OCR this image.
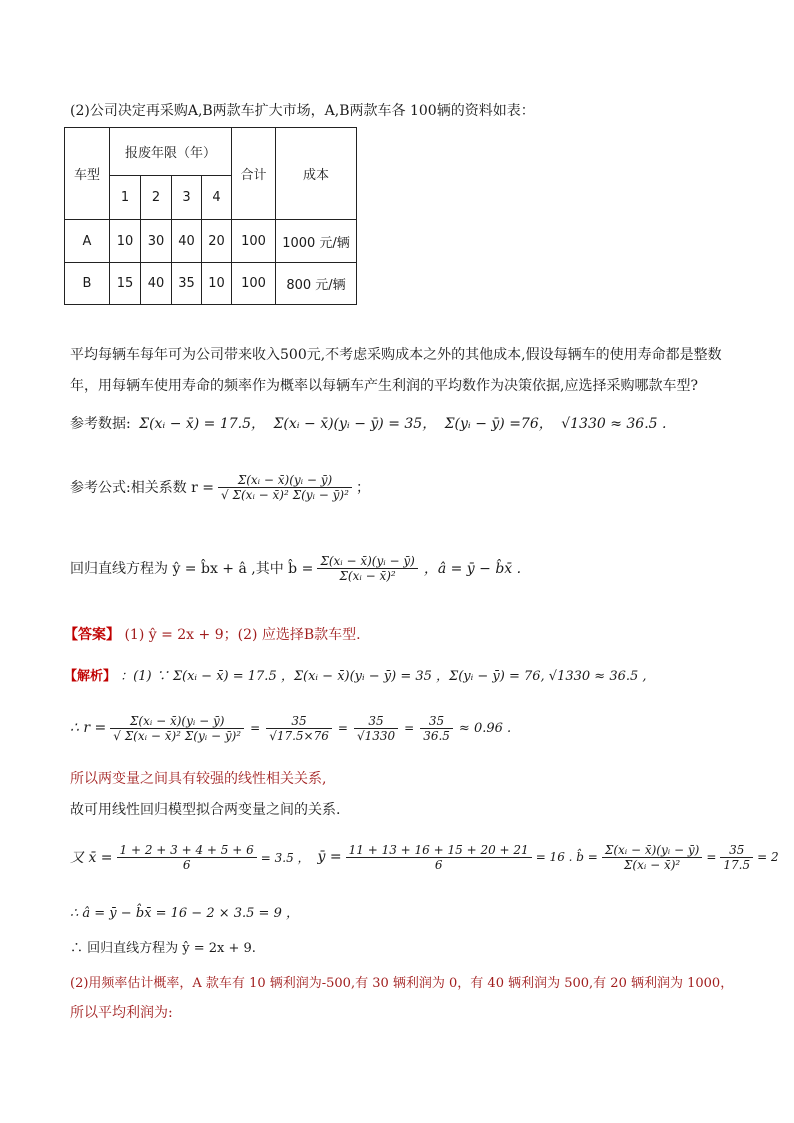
(2)公司决定再采购A,B两款车扩大市场，A,B两款车各 100辆的资料如表：
车型	报废年限（年）				合计	成本
	1	2	3	4		
A	10	30	40	20	100	1000 元/辆
B	15	40	35	10	100	800 元/辆
平均每辆车每年可为公司带来收入500元,不考虑采购成本之外的其他成本,假设每辆车的使用寿命都是整数
年，用每辆车使用寿命的频率作为概率以每辆车产生利润的平均数作为决策依据,应选择采购哪款车型?
参考数据: Σ(xᵢ − x̄) = 17.5， Σ(xᵢ − x̄)(yᵢ − ȳ) = 35， Σ(yᵢ − ȳ) =76， √1330 ≈ 36.5 .
参考公式:相关系数 $r = \frac{\text{Σ(xᵢ − x̄)(yᵢ − ȳ)}}{\text{√ Σ(xᵢ − x̄)² Σ(yᵢ − ȳ)²}}$ ；
回归直线方程为 ŷ = b̂x + â ,其中 b̂ = $\frac{\text{Σ(xᵢ − x̄)(yᵢ − ȳ)}}{\text{Σ(xᵢ − x̄)²}}$ ，â = ȳ − b̂x̄ .
【答案】 (1) ŷ = 2x + 9；(2) 应选择B款车型.
【解析】 ：(1) ∵ Σ(xᵢ − x̄) = 17.5 ，Σ(xᵢ − x̄)(yᵢ − ȳ) = 35 ，Σ(yᵢ − ȳ) = 76, √1330 ≈ 36.5 ,
∴ $r = \frac{\text{Σ(xᵢ − x̄)(yᵢ − ȳ)}}{\text{√ Σ(xᵢ − x̄)² Σ(yᵢ − ȳ)²}} = \frac{35}{√17.5\times 76} = \frac{35}{√1330} = \frac{35}{36.5} \approx 0.96$ .
所以两变量之间具有较强的线性相关关系,
故可用线性回归模型拟合两变量之间的关系.
又 x̄ = $\frac{1 + 2 + 3 + 4 + 5 + 6}{6} = 3.5$ ， ȳ = $\frac{11 + 13 + 16 + 15 + 20 + 21}{6} = 16$ . b̂ = $\frac{\text{Σ(xᵢ − x̄)(yᵢ − ȳ)}}{\text{Σ(xᵢ − x̄)²}} = \frac{35}{17.5} = 2$
∴ â = ȳ − b̂x̄ = 16 − 2 × 3.5 = 9 ，
∴ 回归直线方程为 ŷ = 2x + 9.
(2)用频率估计概率，A 款车有 10 辆利润为-500,有 30 辆利润为 0，有 40 辆利润为 500,有 20 辆利润为 1000，
所以平均利润为:
